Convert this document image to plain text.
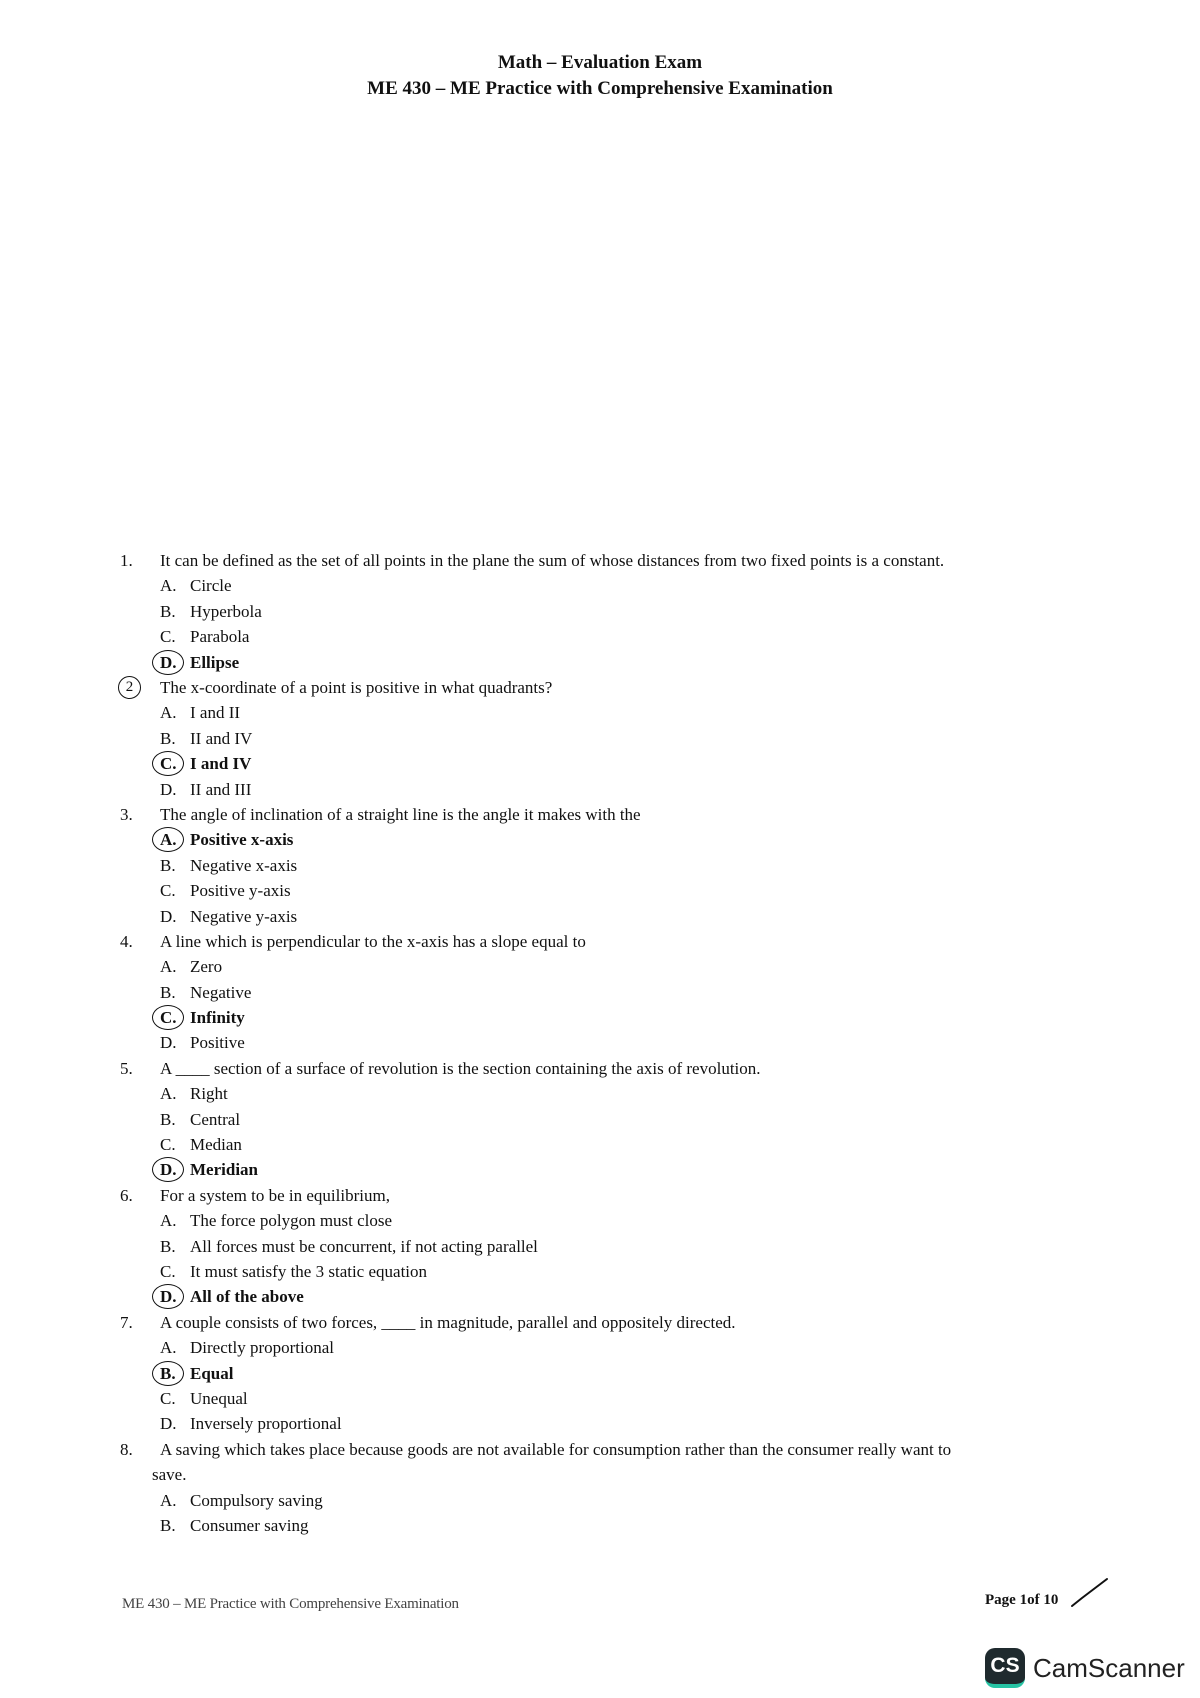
Math – Evaluation Exam
ME 430 – ME Practice with Comprehensive Examination
1.	It can be defined as the set of all points in the plane the sum of whose distances from two fixed points is a constant.
A. Circle
B. Hyperbola
C. Parabola
D. Ellipse
2	The x-coordinate of a point is positive in what quadrants?
A. I and II
B. II and IV
C. I and IV
D. II and III
3.	The angle of inclination of a straight line is the angle it makes with the
A. Positive x-axis
B. Negative x-axis
C. Positive y-axis
D. Negative y-axis
4.	A line which is perpendicular to the x-axis has a slope equal to
A. Zero
B. Negative
C. Infinity
D. Positive
5.	A ____ section of a surface of revolution is the section containing the axis of revolution.
A. Right
B. Central
C. Median
D. Meridian
6.	For a system to be in equilibrium,
A. The force polygon must close
B. All forces must be concurrent, if not acting parallel
C. It must satisfy the 3 static equation
D. All of the above
7.	A couple consists of two forces, ____ in magnitude, parallel and oppositely directed.
A. Directly proportional
B. Equal
C. Unequal
D. Inversely proportional
8.	A saving which takes place because goods are not available for consumption rather than the consumer really want to
save.
A. Compulsory saving
B. Consumer saving
ME 430 – ME Practice with Comprehensive Examination	Page 1of 10
CS CamScanner
